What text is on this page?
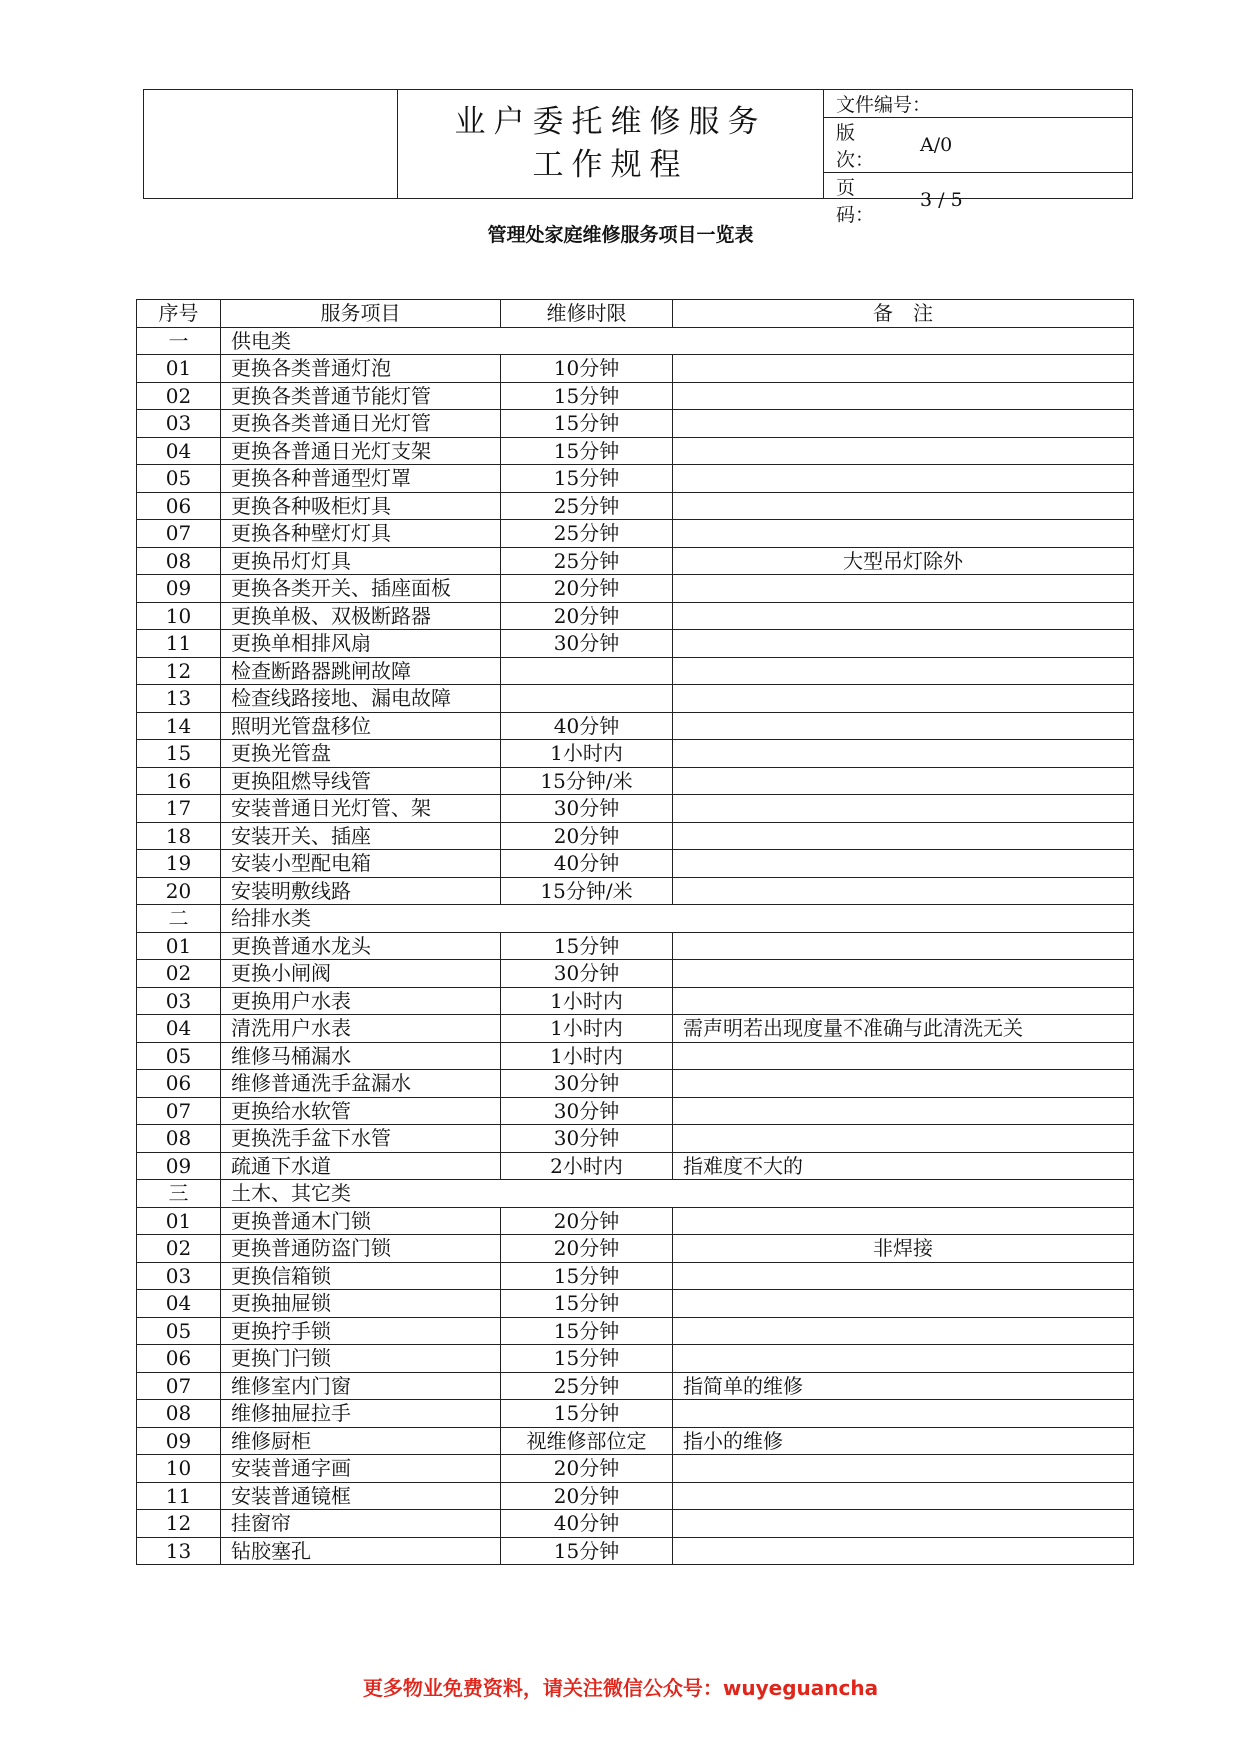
业户委托维修服务
工作规程
文件编号：
版　　次：
A/0
页　　码：
3 / 5
管理处家庭维修服务项目一览表
序号	服务项目	维修时限	备　注
一	供电类		
01	更换各类普通灯泡	10分钟	
02	更换各类普通节能灯管	15分钟	
03	更换各类普通日光灯管	15分钟	
04	更换各普通日光灯支架	15分钟	
05	更换各种普通型灯罩	15分钟	
06	更换各种吸柜灯具	25分钟	
07	更换各种壁灯灯具	25分钟	
08	更换吊灯灯具	25分钟	大型吊灯除外
09	更换各类开关、插座面板	20分钟	
10	更换单极、双极断路器	20分钟	
11	更换单相排风扇	30分钟	
12	检查断路器跳闸故障		
13	检查线路接地、漏电故障		
14	照明光管盘移位	40分钟	
15	更换光管盘	1小时内	
16	更换阻燃导线管	15分钟/米	
17	安装普通日光灯管、架	30分钟	
18	安装开关、插座	20分钟	
19	安装小型配电箱	40分钟	
20	安装明敷线路	15分钟/米	
二	给排水类		
01	更换普通水龙头	15分钟	
02	更换小闸阀	30分钟	
03	更换用户水表	1小时内	
04	清洗用户水表	1小时内	需声明若出现度量不准确与此清洗无关
05	维修马桶漏水	1小时内	
06	维修普通洗手盆漏水	30分钟	
07	更换给水软管	30分钟	
08	更换洗手盆下水管	30分钟	
09	疏通下水道	2小时内	指难度不大的
三	土木、其它类		
01	更换普通木门锁	20分钟	
02	更换普通防盗门锁	20分钟	非焊接
03	更换信箱锁	15分钟	
04	更换抽屉锁	15分钟	
05	更换拧手锁	15分钟	
06	更换门闩锁	15分钟	
07	维修室内门窗	25分钟	指简单的维修
08	维修抽屉拉手	15分钟	
09	维修厨柜	视维修部位定	指小的维修
10	安装普通字画	20分钟	
11	安装普通镜框	20分钟	
12	挂窗帘	40分钟	
13	钻胶塞孔	15分钟	
更多物业免费资料，请关注微信公众号：wuyeguancha
